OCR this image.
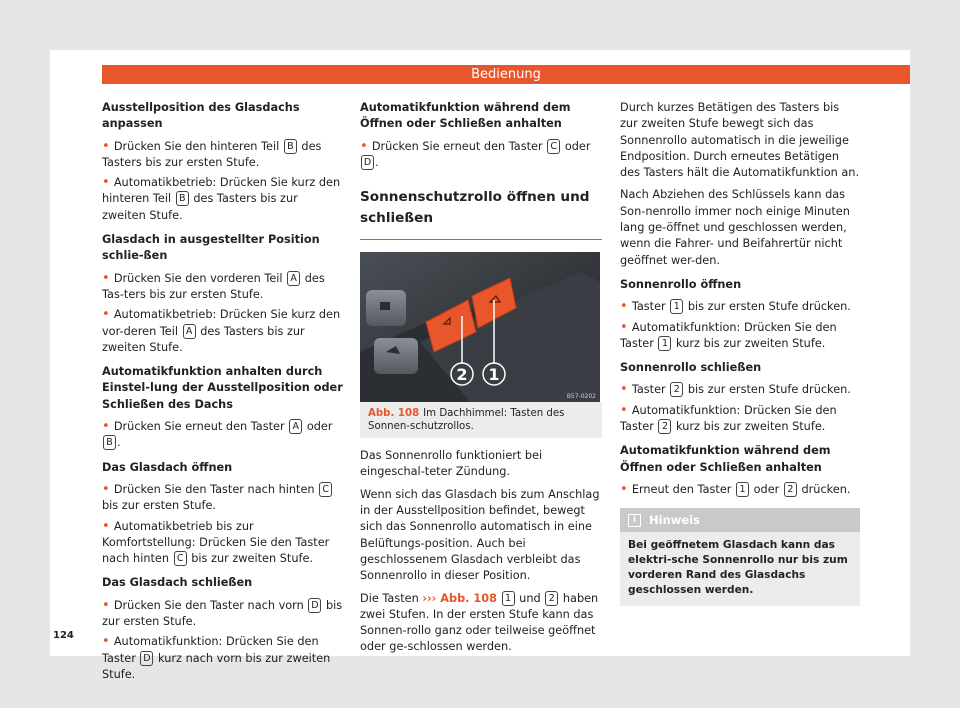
Bedienung
Ausstellposition des Glasdachs anpassen
• Drücken Sie den hinteren Teil B des Tasters bis zur ersten Stufe.
• Automatikbetrieb: Drücken Sie kurz den hinteren Teil B des Tasters bis zur zweiten Stufe.
Glasdach in ausgestellter Position schlie-ßen
• Drücken Sie den vorderen Teil A des Tas-ters bis zur ersten Stufe.
• Automatikbetrieb: Drücken Sie kurz den vor-deren Teil A des Tasters bis zur zweiten Stufe.
Automatikfunktion anhalten durch Einstel-lung der Ausstellposition oder Schließen des Dachs
• Drücken Sie erneut den Taster A oder B .
Das Glasdach öffnen
• Drücken Sie den Taster nach hinten C bis zur ersten Stufe.
• Automatikbetrieb bis zur Komfortstellung: Drücken Sie den Taster nach hinten C bis zur zweiten Stufe.
Das Glasdach schließen
• Drücken Sie den Taster nach vorn D bis zur ersten Stufe.
• Automatikfunktion: Drücken Sie den Taster D kurz nach vorn bis zur zweiten Stufe.
Automatikfunktion während dem Öffnen oder Schließen anhalten
• Drücken Sie erneut den Taster C oder D .
Sonnenschutzrollo öffnen und schließen
2 1
B57-0202
Abb. 108 Im Dachhimmel: Tasten des Sonnen-schutzrollos.
Das Sonnenrollo funktioniert bei eingeschal-teter Zündung.
Wenn sich das Glasdach bis zum Anschlag in der Ausstellposition befindet, bewegt sich das Sonnenrollo automatisch in eine Belüftungs-position. Auch bei geschlossenem Glasdach verbleibt das Sonnenrollo in dieser Position.
Die Tasten ››› Abb. 108 1 und 2 haben zwei Stufen. In der ersten Stufe kann das Sonnen-rollo ganz oder teilweise geöffnet oder ge-schlossen werden.
Durch kurzes Betätigen des Tasters bis zur zweiten Stufe bewegt sich das Sonnenrollo automatisch in die jeweilige Endposition. Durch erneutes Betätigen des Tasters hält die Automatikfunktion an.
Nach Abziehen des Schlüssels kann das Son-nenrollo immer noch einige Minuten lang ge-öffnet und geschlossen werden, wenn die Fahrer- und Beifahrertür nicht geöffnet wer-den.
Sonnenrollo öffnen
• Taster 1 bis zur ersten Stufe drücken.
• Automatikfunktion: Drücken Sie den Taster 1 kurz bis zur zweiten Stufe.
Sonnenrollo schließen
• Taster 2 bis zur ersten Stufe drücken.
• Automatikfunktion: Drücken Sie den Taster 2 kurz bis zur zweiten Stufe.
Automatikfunktion während dem Öffnen oder Schließen anhalten
• Erneut den Taster 1 oder 2 drücken.
i	Hinweis
Bei geöffnetem Glasdach kann das elektri-sche Sonnenrollo nur bis zum vorderen Rand des Glasdachs geschlossen werden.
124
